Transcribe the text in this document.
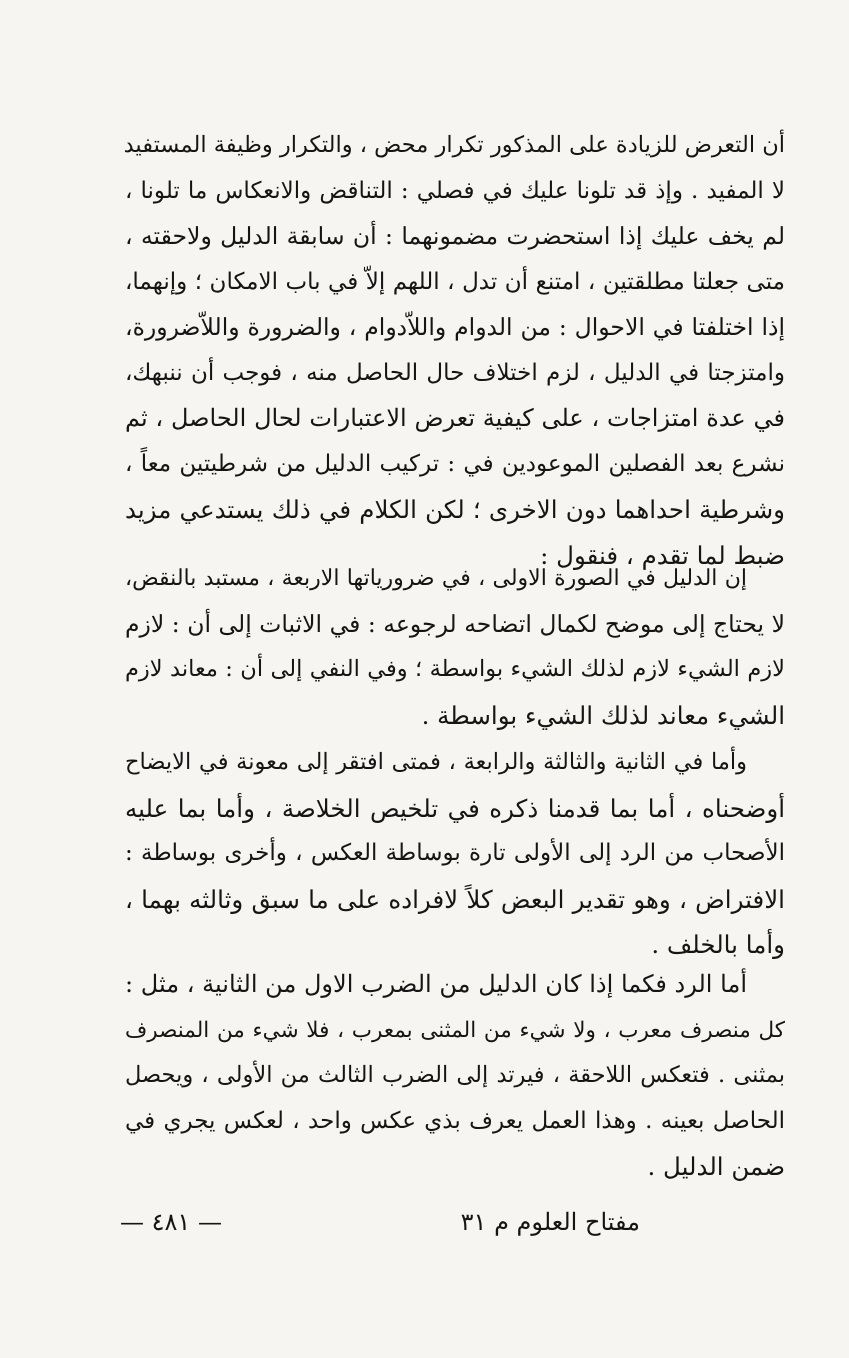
أن التعرض للزيادة على المذكور تكرار محض ، والتكرار وظيفة المستفيد
لا المفيد . وإذ قد تلونا عليك في فصلي : التناقض والانعكاس ما تلونا ،
لم يخف عليك إذا استحضرت مضمونهما : أن سابقة الدليل ولاحقته ،
متى جعلتا مطلقتين ، امتنع أن تدل ، اللهم إلاّ في باب الامكان ؛ وإنهما،
إذا اختلفتا في الاحوال : من الدوام واللاّدوام ، والضرورة واللاّضرورة،
وامتزجتا في الدليل ، لزم اختلاف حال الحاصل منه ، فوجب أن ننبهك،
في عدة امتزاجات ، على كيفية تعرض الاعتبارات لحال الحاصل ، ثم
نشرع بعد الفصلين الموعودين في : تركيب الدليل من شرطيتين معاً ،
وشرطية احداهما دون الاخرى ؛ لكن الكلام في ذلك يستدعي مزيد
ضبط لما تقدم ، فنقول :
إن الدليل في الصورة الاولى ، في ضرورياتها الاربعة ، مستبد بالنقض،
لا يحتاج إلى موضح لكمال اتضاحه لرجوعه : في الاثبات إلى أن : لازم
لازم الشيء لازم لذلك الشيء بواسطة ؛ وفي النفي إلى أن : معاند لازم
الشيء معاند لذلك الشيء بواسطة .
وأما في الثانية والثالثة والرابعة ، فمتى افتقر إلى معونة في الايضاح
أوضحناه ، أما بما قدمنا ذكره في تلخيص الخلاصة ، وأما بما عليه
الأصحاب من الرد إلى الأولى تارة بوساطة العكس ، وأخرى بوساطة :
الافتراض ، وهو تقدير البعض كلاً لافراده على ما سبق وثالثه بهما ،
وأما بالخلف .
أما الرد فكما إذا كان الدليل من الضرب الاول من الثانية ، مثل :
كل منصرف معرب ، ولا شيء من المثنى بمعرب ، فلا شيء من المنصرف
بمثنى . فتعكس اللاحقة ، فيرتد إلى الضرب الثالث من الأولى ، ويحصل
الحاصل بعينه . وهذا العمل يعرف بذي عكس واحد ، لعكس يجري في
ضمن الدليل .
مفتاح العلوم م ٣١
— ٤٨١ —
